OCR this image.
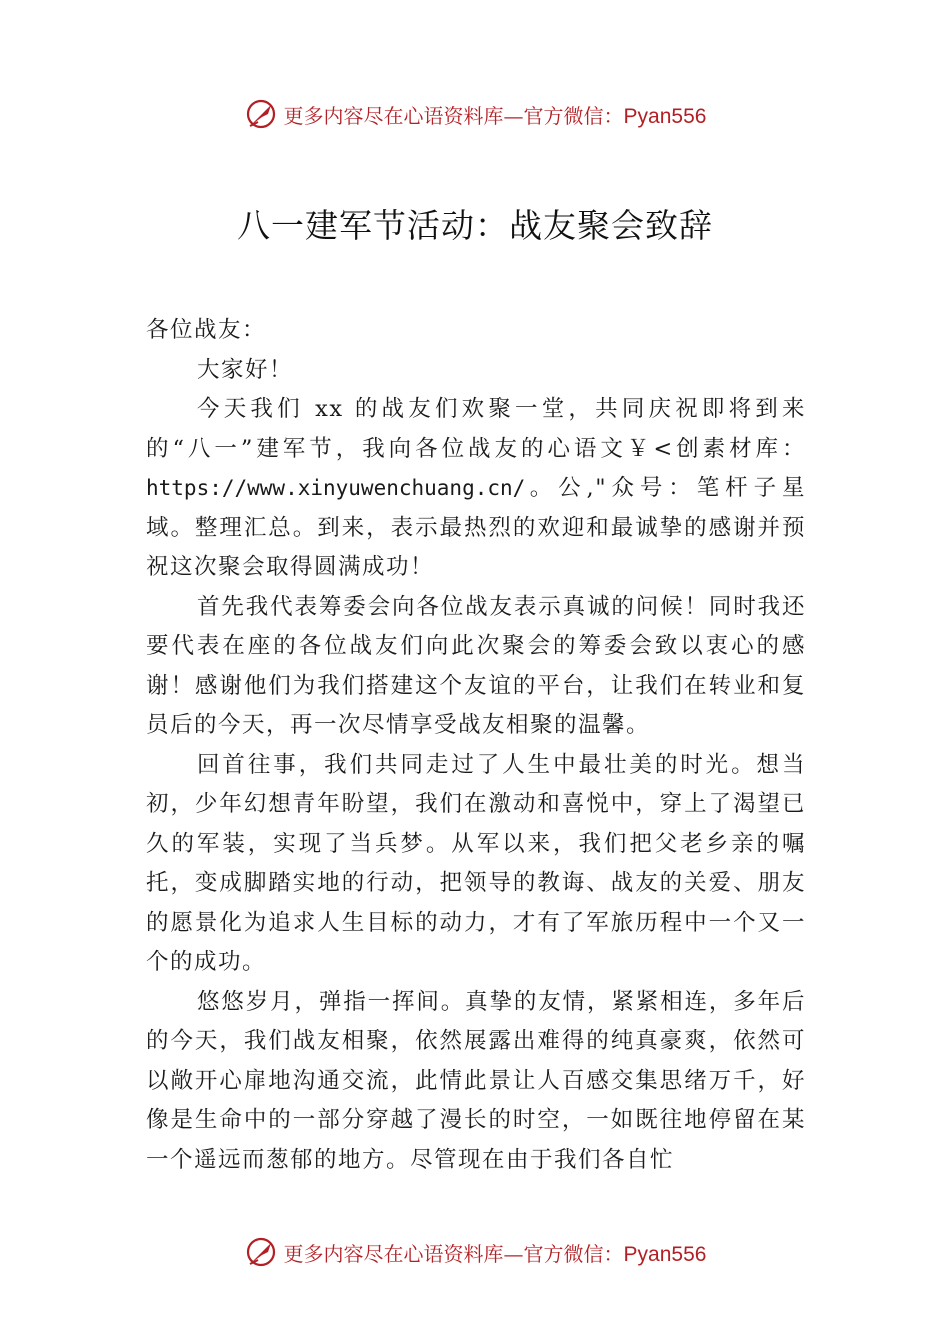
更多内容尽在心语资料库—官方微信：Pyan556
八一建军节活动：战友聚会致辞

各位战友：

大家好！

今天我们 xx 的战友们欢聚一堂，共同庆祝即将到来的“八一”建军节，我向各位战友的心语文￥<创素材库：https://www.xinyuwenchuang.cn/。公,"众号：笔杆子星域。整理汇总。到来，表示最热烈的欢迎和最诚挚的感谢并预祝这次聚会取得圆满成功！

首先我代表筹委会向各位战友表示真诚的问候！同时我还要代表在座的各位战友们向此次聚会的筹委会致以衷心的感谢！感谢他们为我们搭建这个友谊的平台，让我们在转业和复员后的今天，再一次尽情享受战友相聚的温馨。

回首往事，我们共同走过了人生中最壮美的时光。想当初，少年幻想青年盼望，我们在激动和喜悦中，穿上了渴望已久的军装，实现了当兵梦。从军以来，我们把父老乡亲的嘱托，变成脚踏实地的行动，把领导的教诲、战友的关爱、朋友的愿景化为追求人生目标的动力，才有了军旅历程中一个又一个的成功。

悠悠岁月，弹指一挥间。真挚的友情，紧紧相连，多年后的今天，我们战友相聚，依然展露出难得的纯真豪爽，依然可以敞开心扉地沟通交流，此情此景让人百感交集思绪万千，好像是生命中的一部分穿越了漫长的时空，一如既往地停留在某一个遥远而葱郁的地方。尽管现在由于我们各自忙

更多内容尽在心语资料库—官方微信：Pyan556
